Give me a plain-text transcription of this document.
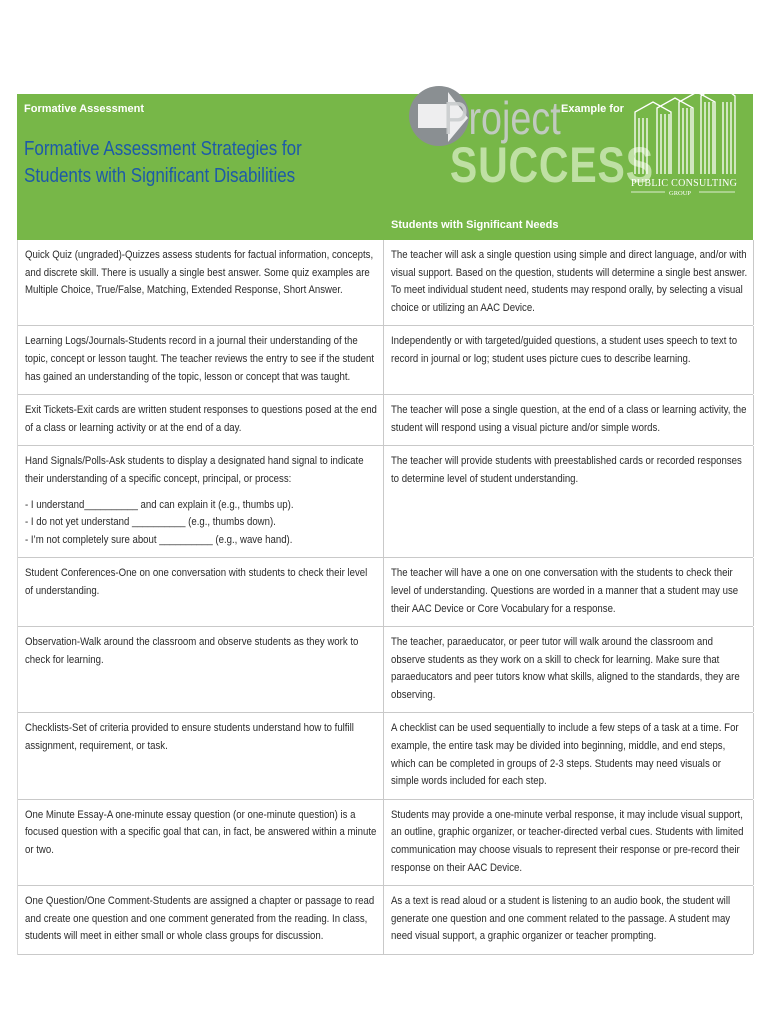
Formative Assessment	Example for
Formative Assessment Strategies for Students with Significant Disabilities
Students with Significant Needs
Project
SUCCESS
PUBLIC CONSULTING
GROUP
Quick Quiz (ungraded)-Quizzes assess students for factual information, concepts, and discrete skill. There is usually a single best answer. Some quiz examples are Multiple Choice, True/False, Matching, Extended Response, Short Answer.
The teacher will ask a single question using simple and direct language, and/or with visual support. Based on the question, students will determine a single best answer. To meet individual student need, students may respond orally, by selecting a visual choice or utilizing an AAC Device.
Learning Logs/Journals-Students record in a journal their understanding of the topic, concept or lesson taught. The teacher reviews the entry to see if the student has gained an understanding of the topic, lesson or concept that was taught.
Independently or with targeted/guided questions, a student uses speech to text to record in journal or log; student uses picture cues to describe learning.
Exit Tickets-Exit cards are written student responses to questions posed at the end of a class or learning activity or at the end of a day.
The teacher will pose a single question, at the end of a class or learning activity, the student will respond using a visual picture and/or simple words.
Hand Signals/Polls-Ask students to display a designated hand signal to indicate their understanding of a specific concept, principal, or process:
- I understand__________ and can explain it (e.g., thumbs up).
- I do not yet understand __________ (e.g., thumbs down).
- I’m not completely sure about __________ (e.g., wave hand).
The teacher will provide students with preestablished cards or recorded responses to determine level of student understanding.
Student Conferences-One on one conversation with students to check their level of understanding.
The teacher will have a one on one conversation with the students to check their level of understanding. Questions are worded in a manner that a student may use their AAC Device or Core Vocabulary for a response.
Observation-Walk around the classroom and observe students as they work to check for learning.
The teacher, paraeducator, or peer tutor will walk around the classroom and observe students as they work on a skill to check for learning. Make sure that paraeducators and peer tutors know what skills, aligned to the standards, they are observing.
Checklists-Set of criteria provided to ensure students understand how to fulfill assignment, requirement, or task.
A checklist can be used sequentially to include a few steps of a task at a time. For example, the entire task may be divided into beginning, middle, and end steps, which can be completed in groups of 2-3 steps. Students may need visuals or simple words included for each step.
One Minute Essay-A one-minute essay question (or one-minute question) is a focused question with a specific goal that can, in fact, be answered within a minute or two.
Students may provide a one-minute verbal response, it may include visual support, an outline, graphic organizer, or teacher-directed verbal cues. Students with limited communication may choose visuals to represent their response or pre-record their response on their AAC Device.
One Question/One Comment-Students are assigned a chapter or passage to read and create one question and one comment generated from the reading. In class, students will meet in either small or whole class groups for discussion.
As a text is read aloud or a student is listening to an audio book, the student will generate one question and one comment related to the passage. A student may need visual support, a graphic organizer or teacher prompting.
